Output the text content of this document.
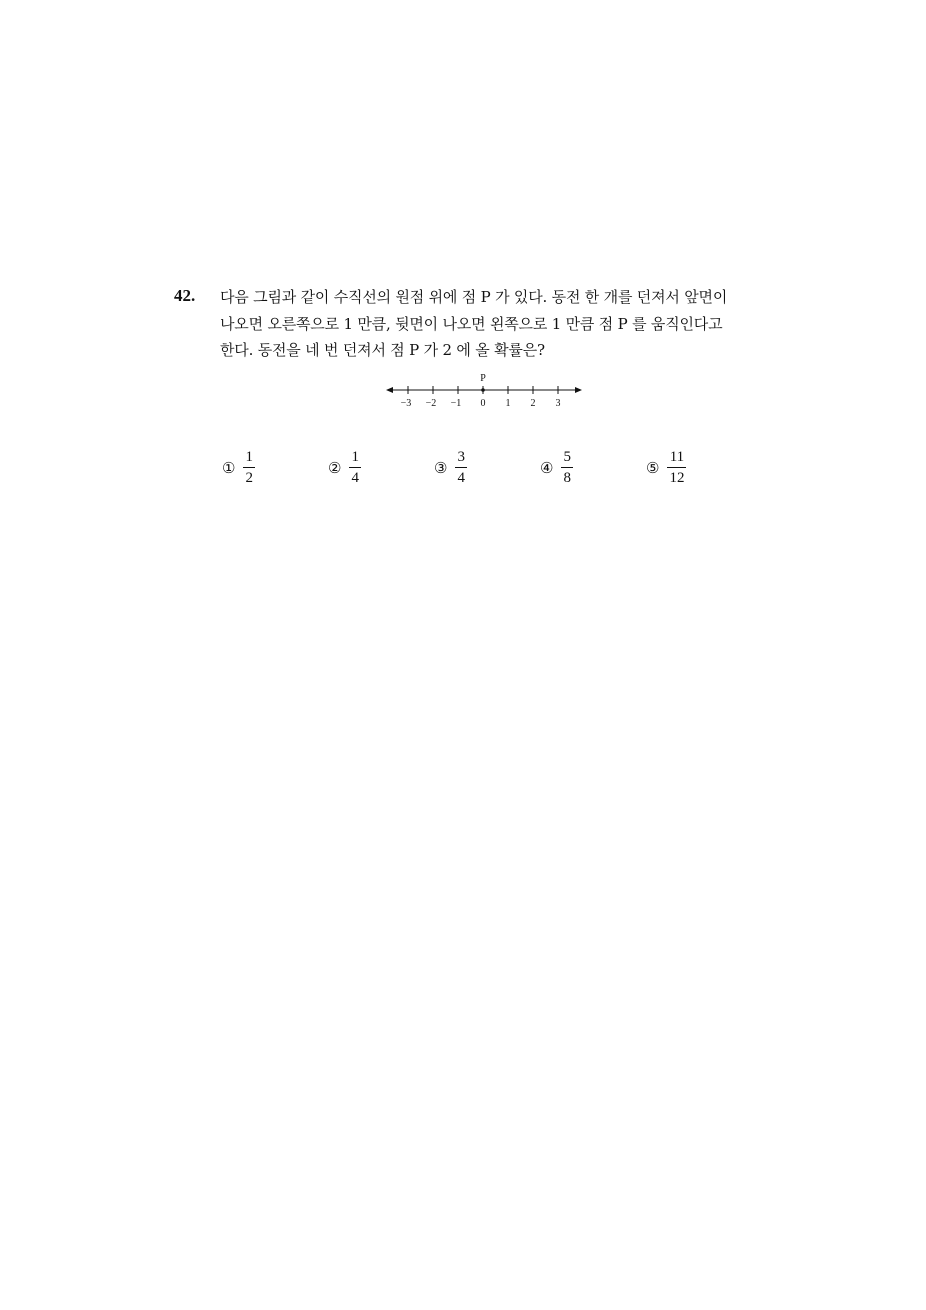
42. 다음 그림과 같이 수직선의 원점 위에 점 P 가 있다. 동전 한 개를 던져서 앞면이
나오면 오른쪽으로 1 만큼, 뒷면이 나오면 왼쪽으로 1 만큼 점 P 를 움직인다고
한다. 동전을 네 번 던져서 점 P 가 2 에 올 확률은?
P
−3 −2 −1 0 1 2 3
① $\frac{1}{2}$	② $\frac{1}{4}$	③ $\frac{3}{4}$	④ $\frac{5}{8}$	⑤ $\frac{11}{12}$
